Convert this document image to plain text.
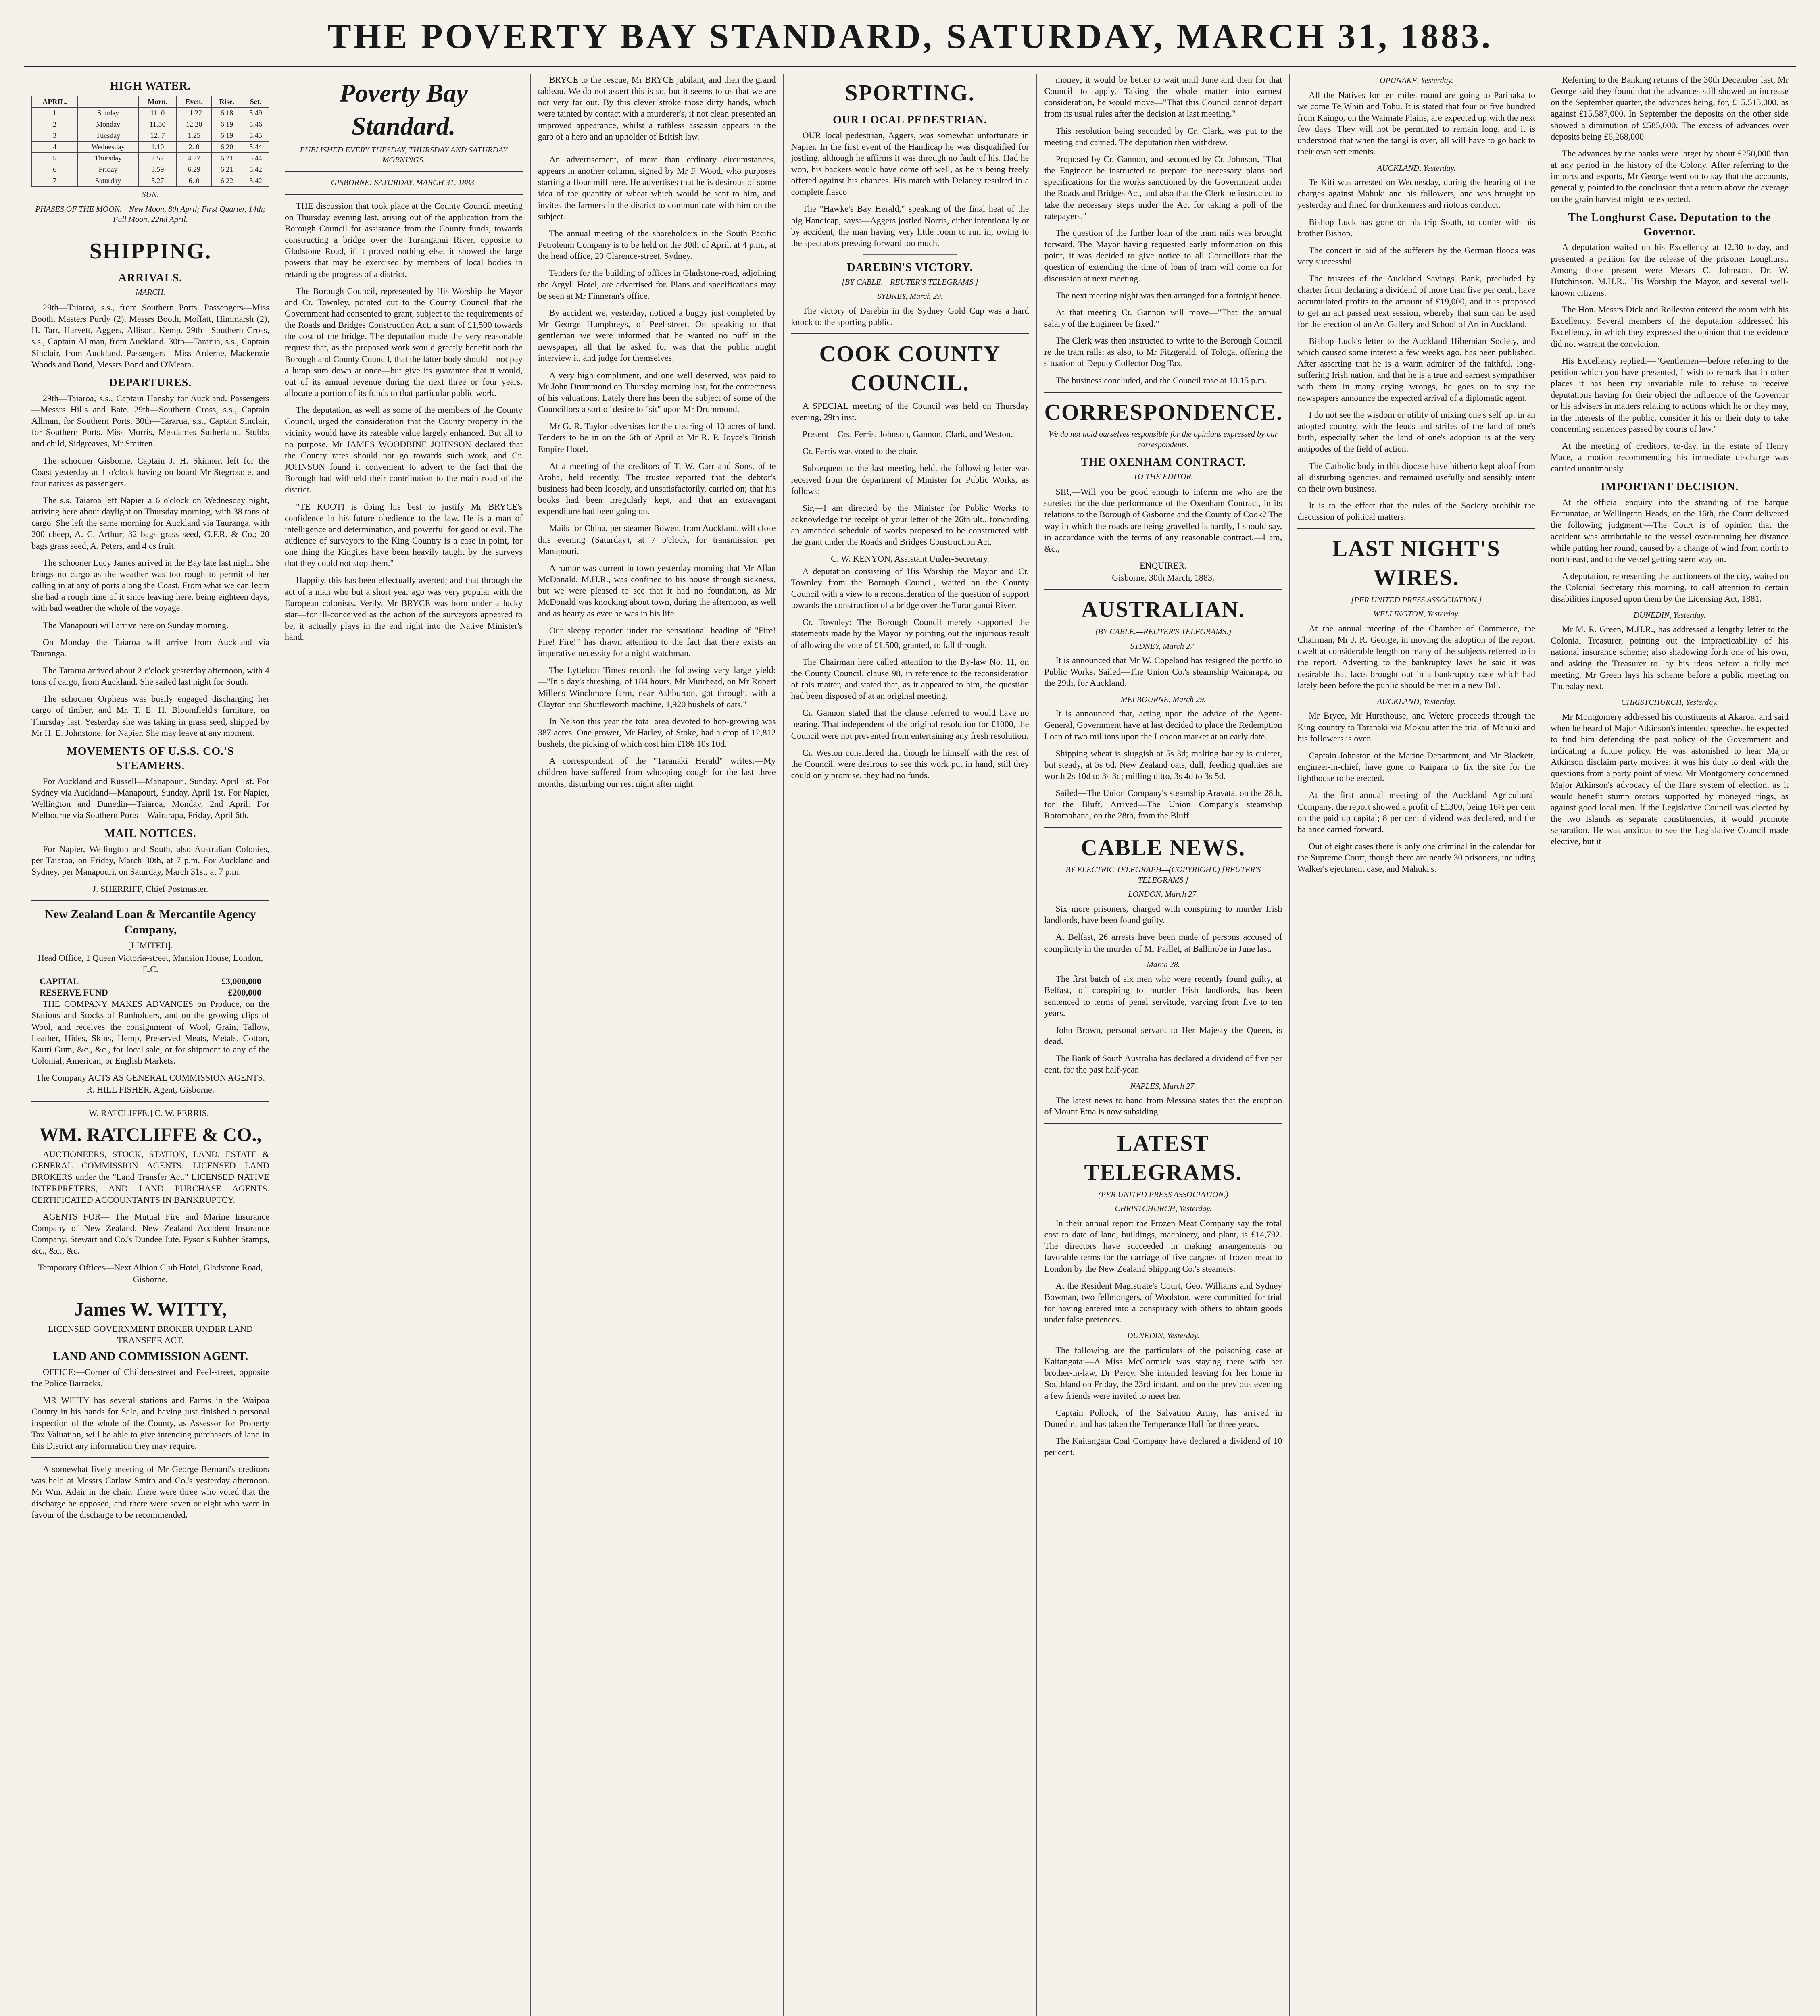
THE POVERTY BAY STANDARD, SATURDAY, MARCH 31, 1883.
HIGH WATER.
APRIL.		Morn.	Even.	Rise.	Set.
1	Sunday	11. 0	11.22	6.18	5.49
2	Monday	11.50	12.20	6.19	5.46
3	Tuesday	12. 7	1.25	6.19	5.45
4	Wednesday	1.10	2. 0	6.20	5.44
5	Thursday	2.57	4.27	6.21	5.44
6	Friday	3.59	6.29	6.21	5.42
7	Saturday	5.27	6. 0	6.22	5.42
SUN.
PHASES OF THE MOON.—New Moon, 8th April; First Quarter, 14th; Full Moon, 22nd April.
SHIPPING.
ARRIVALS.
MARCH.

29th—Taiaroa, s.s., from Southern Ports. Passengers—Miss Booth, Masters Purdy (2), Messrs Booth, Moffatt, Himmarsh (2), H. Tarr, Harvett, Aggers, Allison, Kemp. 29th—Southern Cross, s.s., Captain Allman, from Auckland. 30th—Tararua, s.s., Captain Sinclair, from Auckland. Passengers—Miss Arderne, Mackenzie Woods and Bond, Messrs Bond and O'Meara.

DEPARTURES.

29th—Taiaroa, s.s., Captain Hansby for Auckland. Passengers—Messrs Hills and Bate. 29th—Southern Cross, s.s., Captain Allman, for Southern Ports. 30th—Tararua, s.s., Captain Sinclair, for Southern Ports. Miss Morris, Mesdames Sutherland, Stubbs and child, Sidgreaves, Mr Smitten.

The schooner Gisborne, Captain J. H. Skinner, left for the Coast yesterday at 1 o'clock having on board Mr Stegrosole, and four natives as passengers.

The s.s. Taiaroa left Napier a 6 o'clock on Wednesday night, arriving here about daylight on Thursday morning, with 38 tons of cargo. She left the same morning for Auckland via Tauranga, with 200 cheep, A. C. Arthur; 32 bags grass seed, G.F.R. & Co.; 20 bags grass seed, A. Peters, and 4 cs fruit.

The schooner Lucy James arrived in the Bay late last night. She brings no cargo as the weather was too rough to permit of her calling in at any of ports along the Coast. From what we can learn she had a rough time of it since leaving here, being eighteen days, with bad weather the whole of the voyage.

The Manapouri will arrive here on Sunday morning.

On Monday the Taiaroa will arrive from Auckland via Tauranga.

The Tararua arrived about 2 o'clock yesterday afternoon, with 4 tons of cargo, from Auckland. She sailed last night for South.

The schooner Orpheus was busily engaged discharging her cargo of timber, and Mr. T. E. H. Bloomfield's furniture, on Thursday last. Yesterday she was taking in grass seed, shipped by Mr H. E. Johnstone, for Napier. She may leave at any moment.

MOVEMENTS OF U.S.S. CO.'S STEAMERS.

For Auckland and Russell—Manapouri, Sunday, April 1st. For Sydney via Auckland—Manapouri, Sunday, April 1st. For Napier, Wellington and Dunedin—Taiaroa, Monday, 2nd April. For Melbourne via Southern Ports—Wairarapa, Friday, April 6th.

MAIL NOTICES.

For Napier, Wellington and South, also Australian Colonies, per Taiaroa, on Friday, March 30th, at 7 p.m. For Auckland and Sydney, per Manapouri, on Saturday, March 31st, at 7 p.m.

J. SHERRIFF, Chief Postmaster.
New Zealand Loan & Mercantile Agency Company,
[LIMITED].
Head Office, 1 Queen Victoria-street, Mansion House, London, E.C.
CAPITAL	£3,000,000
RESERVE FUND	£200,000

THE COMPANY MAKES ADVANCES on Produce, on the Stations and Stocks of Runholders, and on the growing clips of Wool, and receives the consignment of Wool, Grain, Tallow, Leather, Hides, Skins, Hemp, Preserved Meats, Metals, Cotton, Kauri Gum, &c., &c., for local sale, or for shipment to any of the Colonial, American, or English Markets.

The Company ACTS AS GENERAL COMMISSION AGENTS.
R. HILL FISHER, Agent, Gisborne.
W. RATCLIFFE.] C. W. FERRIS.]
WM. RATCLIFFE & CO.,

AUCTIONEERS, STOCK, STATION, LAND, ESTATE & GENERAL COMMISSION AGENTS. LICENSED LAND BROKERS under the "Land Transfer Act." LICENSED NATIVE INTERPRETERS, AND LAND PURCHASE AGENTS. CERTIFICATED ACCOUNTANTS IN BANKRUPTCY.

AGENTS FOR— The Mutual Fire and Marine Insurance Company of New Zealand. New Zealand Accident Insurance Company. Stewart and Co.'s Dundee Jute. Fyson's Rubber Stamps, &c., &c., &c.

Temporary Offices—Next Albion Club Hotel, Gladstone Road, Gisborne.
James W. WITTY,
LICENSED GOVERNMENT BROKER UNDER LAND TRANSFER ACT.
LAND AND COMMISSION AGENT.

OFFICE:—Corner of Childers-street and Peel-street, opposite the Police Barracks.

MR WITTY has several stations and Farms in the Waipoa County in his hands for Sale, and having just finished a personal inspection of the whole of the County, as Assessor for Property Tax Valuation, will be able to give intending purchasers of land in this District any information they may require.

A somewhat lively meeting of Mr George Bernard's creditors was held at Messrs Carlaw Smith and Co.'s yesterday afternoon. Mr Wm. Adair in the chair. There were three who voted that the discharge be opposed, and there were seven or eight who were in favour of the discharge to be recommended.

Poverty Bay Standard.
PUBLISHED EVERY TUESDAY, THURSDAY AND SATURDAY MORNINGS.
GISBORNE: SATURDAY, MARCH 31, 1883.

THE discussion that took place at the County Council meeting on Thursday evening last, arising out of the application from the Borough Council for assistance from the County funds, towards constructing a bridge over the Turanganui River, opposite to Gladstone Road, if it proved nothing else, it showed the large powers that may be exercised by members of local bodies in retarding the progress of a district.

The Borough Council, represented by His Worship the Mayor and Cr. Townley, pointed out to the County Council that the Government had consented to grant, subject to the requirements of the Roads and Bridges Construction Act, a sum of £1,500 towards the cost of the bridge. The deputation made the very reasonable request that, as the proposed work would greatly benefit both the Borough and County Council, that the latter body should—not pay a lump sum down at once—but give its guarantee that it would, out of its annual revenue during the next three or four years, allocate a portion of its funds to that particular public work.

The deputation, as well as some of the members of the County Council, urged the consideration that the County property in the vicinity would have its rateable value largely enhanced. But all to no purpose. Mr JAMES WOODBINE JOHNSON declared that the County rates should not go towards such work, and Cr. JOHNSON found it convenient to advert to the fact that the Borough had withheld their contribution to the main road of the district.

"TE KOOTI is doing his best to justify Mr BRYCE's confidence in his future obedience to the law. He is a man of intelligence and determination, and powerful for good or evil. The audience of surveyors to the King Country is a case in point, for one thing the Kingites have been heavily taught by the surveys that they could not stop them."

Happily, this has been effectually averted; and that through the act of a man who but a short year ago was very popular with the European colonists. Verily, Mr BRYCE was born under a lucky star—for ill-conceived as the action of the surveyors appeared to be, it actually plays in the end right into the Native Minister's hand.

BRYCE to the rescue, Mr BRYCE jubilant, and then the grand tableau. We do not assert this is so, but it seems to us that we are not very far out. By this clever stroke those dirty hands, which were tainted by contact with a murderer's, if not clean presented an improved appearance, whilst a ruthless assassin appears in the garb of a hero and an upholder of British law.

An advertisement, of more than ordinary circumstances, appears in another column, signed by Mr F. Wood, who purposes starting a flour-mill here. He advertises that he is desirous of some idea of the quantity of wheat which would be sent to him, and invites the farmers in the district to communicate with him on the subject.

The annual meeting of the shareholders in the South Pacific Petroleum Company is to be held on the 30th of April, at 4 p.m., at the head office, 20 Clarence-street, Sydney.

Tenders for the building of offices in Gladstone-road, adjoining the Argyll Hotel, are advertised for. Plans and specifications may be seen at Mr Finneran's office.

By accident we, yesterday, noticed a buggy just completed by Mr George Humphreys, of Peel-street. On speaking to that gentleman we were informed that he wanted no puff in the newspaper, all that he asked for was that the public might interview it, and judge for themselves.

A very high compliment, and one well deserved, was paid to Mr John Drummond on Thursday morning last, for the correctness of his valuations. Lately there has been the subject of some of the Councillors a sort of desire to "sit" upon Mr Drummond.

Mr G. R. Taylor advertises for the clearing of 10 acres of land. Tenders to be in on the 6th of April at Mr R. P. Joyce's British Empire Hotel.

At a meeting of the creditors of T. W. Carr and Sons, of te Aroha, held recently, The trustee reported that the debtor's business had been loosely, and unsatisfactorily, carried on; that his books had been irregularly kept, and that an extravagant expenditure had been going on.

Mails for China, per steamer Bowen, from Auckland, will close this evening (Saturday), at 7 o'clock, for transmission per Manapouri.

A rumor was current in town yesterday morning that Mr Allan McDonald, M.H.R., was confined to his house through sickness, but we were pleased to see that it had no foundation, as Mr McDonald was knocking about town, during the afternoon, as well and as hearty as ever he was in his life.

Our sleepy reporter under the sensational heading of "Fire! Fire! Fire!" has drawn attention to the fact that there exists an imperative necessity for a night watchman.

The Lyttelton Times records the following very large yield:—"In a day's threshing, of 184 hours, Mr Muirhead, on Mr Robert Miller's Winchmore farm, near Ashburton, got through, with a Clayton and Shuttleworth machine, 1,920 bushels of oats."

In Nelson this year the total area devoted to hop-growing was 387 acres. One grower, Mr Harley, of Stoke, had a crop of 12,812 bushels, the picking of which cost him £186 10s 10d.

A correspondent of the "Taranaki Herald" writes:—My children have suffered from whooping cough for the last three months, disturbing our rest night after night.

SPORTING.
OUR LOCAL PEDESTRIAN.

OUR local pedestrian, Aggers, was somewhat unfortunate in Napier. In the first event of the Handicap he was disqualified for jostling, although he affirms it was through no fault of his. Had he won, his backers would have come off well, as he is being freely offered against his chances. His match with Delaney resulted in a complete fiasco.

The "Hawke's Bay Herald," speaking of the final heat of the big Handicap, says:—Aggers jostled Norris, either intentionally or by accident, the man having very little room to run in, owing to the spectators pressing forward too much.

DAREBIN'S VICTORY.
[BY CABLE.—REUTER'S TELEGRAMS.]
SYDNEY, March 29.

The victory of Darebin in the Sydney Gold Cup was a hard knock to the sporting public.

COOK COUNTY COUNCIL.

A SPECIAL meeting of the Council was held on Thursday evening, 29th inst.

Present—Crs. Ferris, Johnson, Gannon, Clark, and Weston.

Cr. Ferris was voted to the chair.

Subsequent to the last meeting held, the following letter was received from the department of Minister for Public Works, as follows:—

Sir,—I am directed by the Minister for Public Works to acknowledge the receipt of your letter of the 26th ult., forwarding an amended schedule of works proposed to be constructed with the grant under the Roads and Bridges Construction Act.

C. W. KENYON, Assistant Under-Secretary.

A deputation consisting of His Worship the Mayor and Cr. Townley from the Borough Council, waited on the County Council with a view to a reconsideration of the question of support towards the construction of a bridge over the Turanganui River.

Cr. Townley: The Borough Council merely supported the statements made by the Mayor by pointing out the injurious result of allowing the vote of £1,500, granted, to fall through.

The Chairman here called attention to the By-law No. 11, on the County Council, clause 98, in reference to the reconsideration of this matter, and stated that, as it appeared to him, the question had been disposed of at an original meeting.

Cr. Gannon stated that the clause referred to would have no bearing. That independent of the original resolution for £1000, the Council were not prevented from entertaining any fresh resolution.

Cr. Weston considered that though he himself with the rest of the Council, were desirous to see this work put in hand, still they could only promise, they had no funds.

money; it would be better to wait until June and then for that Council to apply. Taking the whole matter into earnest consideration, he would move—"That this Council cannot depart from its usual rules after the decision at last meeting."

This resolution being seconded by Cr. Clark, was put to the meeting and carried. The deputation then withdrew.

Proposed by Cr. Gannon, and seconded by Cr. Johnson, "That the Engineer be instructed to prepare the necessary plans and specifications for the works sanctioned by the Government under the Roads and Bridges Act, and also that the Clerk be instructed to take the necessary steps under the Act for taking a poll of the ratepayers."

The question of the further loan of the tram rails was brought forward. The Mayor having requested early information on this point, it was decided to give notice to all Councillors that the question of extending the time of loan of tram will come on for discussion at next meeting.

The next meeting night was then arranged for a fortnight hence.

At that meeting Cr. Gannon will move—"That the annual salary of the Engineer be fixed."

The Clerk was then instructed to write to the Borough Council re the tram rails; as also, to Mr Fitzgerald, of Tologa, offering the situation of Deputy Collector Dog Tax.

The business concluded, and the Council rose at 10.15 p.m.

CORRESPONDENCE.
We do not hold ourselves responsible for the opinions expressed by our correspondents.
THE OXENHAM CONTRACT.
TO THE EDITOR.

SIR,—Will you be good enough to inform me who are the sureties for the due performance of the Oxenham Contract, in its relations to the Borough of Gisborne and the County of Cook? The way in which the roads are being gravelled is hardly, I should say, in accordance with the terms of any reasonable contract.—I am, &c.,

ENQUIRER.
Gisborne, 30th March, 1883.
AUSTRALIAN.
(BY CABLE.—REUTER'S TELEGRAMS.)
SYDNEY, March 27.

It is announced that Mr W. Copeland has resigned the portfolio Public Works. Sailed—The Union Co.'s steamship Wairarapa, on the 29th, for Auckland.

MELBOURNE, March 29.

It is announced that, acting upon the advice of the Agent-General, Government have at last decided to place the Redemption Loan of two millions upon the London market at an early date.

Shipping wheat is sluggish at 5s 3d; malting barley is quieter, but steady, at 5s 6d. New Zealand oats, dull; feeding qualities are worth 2s 10d to 3s 3d; milling ditto, 3s 4d to 3s 5d.

Sailed—The Union Company's steamship Aravata, on the 28th, for the Bluff. Arrived—The Union Company's steamship Rotomahana, on the 28th, from the Bluff.

CABLE NEWS.
BY ELECTRIC TELEGRAPH—(COPYRIGHT.) [REUTER'S TELEGRAMS.]
LONDON, March 27.

Six more prisoners, charged with conspiring to murder Irish landlords, have been found guilty.

At Belfast, 26 arrests have been made of persons accused of complicity in the murder of Mr Paillet, at Ballinobe in June last.

March 28.

The first batch of six men who were recently found guilty, at Belfast, of conspiring to murder Irish landlords, has been sentenced to terms of penal servitude, varying from five to ten years.

John Brown, personal servant to Her Majesty the Queen, is dead.

The Bank of South Australia has declared a dividend of five per cent. for the past half-year.

NAPLES, March 27.

The latest news to hand from Messina states that the eruption of Mount Etna is now subsiding.

LATEST TELEGRAMS.
(PER UNITED PRESS ASSOCIATION.)
CHRISTCHURCH, Yesterday.

In their annual report the Frozen Meat Company say the total cost to date of land, buildings, machinery, and plant, is £14,792. The directors have succeeded in making arrangements on favorable terms for the carriage of five cargoes of frozen meat to London by the New Zealand Shipping Co.'s steamers.

At the Resident Magistrate's Court, Geo. Williams and Sydney Bowman, two fellmongers, of Woolston, were committed for trial for having entered into a conspiracy with others to obtain goods under false pretences.

DUNEDIN, Yesterday.

The following are the particulars of the poisoning case at Kaitangata:—A Miss McCormick was staying there with her brother-in-law, Dr Percy. She intended leaving for her home in Southland on Friday, the 23rd instant, and on the previous evening a few friends were invited to meet her.

Captain Pollock, of the Salvation Army, has arrived in Dunedin, and has taken the Temperance Hall for three years.

The Kaitangata Coal Company have declared a dividend of 10 per cent.

OPUNAKE, Yesterday.

All the Natives for ten miles round are going to Parihaka to welcome Te Whiti and Tohu. It is stated that four or five hundred from Kaingo, on the Waimate Plains, are expected up with the next few days. They will not be permitted to remain long, and it is understood that when the tangi is over, all will have to go back to their own settlements.

AUCKLAND, Yesterday.

Te Kiti was arrested on Wednesday, during the hearing of the charges against Mahuki and his followers, and was brought up yesterday and fined for drunkenness and riotous conduct.

Bishop Luck has gone on his trip South, to confer with his brother Bishop.

The concert in aid of the sufferers by the German floods was very successful.

The trustees of the Auckland Savings' Bank, precluded by charter from declaring a dividend of more than five per cent., have accumulated profits to the amount of £19,000, and it is proposed to get an act passed next session, whereby that sum can be used for the erection of an Art Gallery and School of Art in Auckland.

Bishop Luck's letter to the Auckland Hibernian Society, and which caused some interest a few weeks ago, has been published. After asserting that he is a warm admirer of the faithful, long-suffering Irish nation, and that he is a true and earnest sympathiser with them in many crying wrongs, he goes on to say the newspapers announce the expected arrival of a diplomatic agent.

I do not see the wisdom or utility of mixing one's self up, in an adopted country, with the feuds and strifes of the land of one's birth, especially when the land of one's adoption is at the very antipodes of the field of action.

The Catholic body in this diocese have hitherto kept aloof from all disturbing agencies, and remained usefully and sensibly intent on their own business.

It is to the effect that the rules of the Society prohibit the discussion of political matters.

LAST NIGHT'S WIRES.
[PER UNITED PRESS ASSOCIATION.]
WELLINGTON, Yesterday.

At the annual meeting of the Chamber of Commerce, the Chairman, Mr J. R. George, in moving the adoption of the report, dwelt at considerable length on many of the subjects referred to in the report. Adverting to the bankruptcy laws he said it was desirable that facts brought out in a bankruptcy case which had lately been before the public should be met in a new Bill.

AUCKLAND, Yesterday.

Mr Bryce, Mr Hursthouse, and Wetere proceeds through the King country to Taranaki via Mokau after the trial of Mahuki and his followers is over.

Captain Johnston of the Marine Department, and Mr Blackett, engineer-in-chief, have gone to Kaipara to fix the site for the lighthouse to be erected.

At the first annual meeting of the Auckland Agricultural Company, the report showed a profit of £1300, being 16½ per cent on the paid up capital; 8 per cent dividend was declared, and the balance carried forward.

Out of eight cases there is only one criminal in the calendar for the Supreme Court, though there are nearly 30 prisoners, including Walker's ejectment case, and Mahuki's.

Referring to the Banking returns of the 30th December last, Mr George said they found that the advances still showed an increase on the September quarter, the advances being, for, £15,513,000, as against £15,587,000. In September the deposits on the other side showed a diminution of £585,000. The excess of advances over deposits being £6,268,000.

The advances by the banks were larger by about £250,000 than at any period in the history of the Colony. After referring to the imports and exports, Mr George went on to say that the accounts, generally, pointed to the conclusion that a return above the average on the grain harvest might be expected.

The Longhurst Case. Deputation to the Governor.

A deputation waited on his Excellency at 12.30 to-day, and presented a petition for the release of the prisoner Longhurst. Among those present were Messrs C. Johnston, Dr. W. Hutchinson, M.H.R., His Worship the Mayor, and several well-known citizens.

The Hon. Messrs Dick and Rolleston entered the room with his Excellency. Several members of the deputation addressed his Excellency, in which they expressed the opinion that the evidence did not warrant the conviction.

His Excellency replied:—"Gentlemen—before referring to the petition which you have presented, I wish to remark that in other places it has been my invariable rule to refuse to receive deputations having for their object the influence of the Governor or his advisers in matters relating to actions which he or they may, in the interests of the public, consider it his or their duty to take concerning sentences passed by courts of law."

At the meeting of creditors, to-day, in the estate of Henry Mace, a motion recommending his immediate discharge was carried unanimously.

IMPORTANT DECISION.

At the official enquiry into the stranding of the barque Fortunatae, at Wellington Heads, on the 16th, the Court delivered the following judgment:—The Court is of opinion that the accident was attributable to the vessel over-running her distance while putting her round, caused by a change of wind from north to north-east, and to the vessel getting stern way on.

A deputation, representing the auctioneers of the city, waited on the Colonial Secretary this morning, to call attention to certain disabilities imposed upon them by the Licensing Act, 1881.

DUNEDIN, Yesterday.

Mr M. R. Green, M.H.R., has addressed a lengthy letter to the Colonial Treasurer, pointing out the impracticability of his national insurance scheme; also shadowing forth one of his own, and asking the Treasurer to lay his ideas before a fully met meeting. Mr Green lays his scheme before a public meeting on Thursday next.

CHRISTCHURCH, Yesterday.

Mr Montgomery addressed his constituents at Akaroa, and said when he heard of Major Atkinson's intended speeches, he expected to find him defending the past policy of the Government and indicating a future policy. He was astonished to hear Major Atkinson disclaim party motives; it was his duty to deal with the questions from a party point of view. Mr Montgomery condemned Major Atkinson's advocacy of the Hare system of election, as it would benefit stump orators supported by moneyed rings, as against good local men. If the Legislative Council was elected by the two Islands as separate constituencies, it would promote separation. He was anxious to see the Legislative Council made elective, but it
